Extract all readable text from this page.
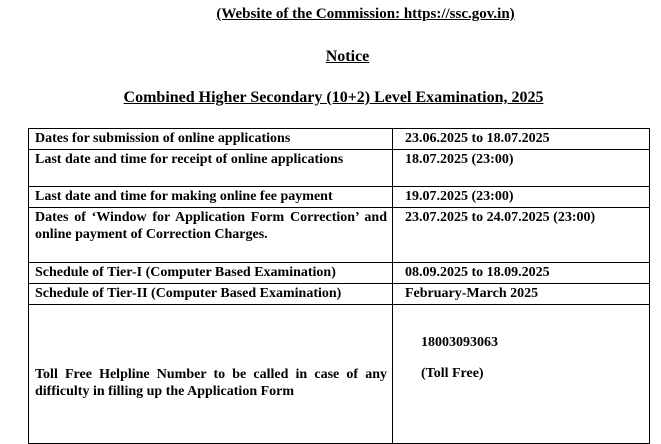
(Website of the Commission: https://ssc.gov.in)
Notice
Combined Higher Secondary (10+2) Level Examination, 2025
Dates for submission of online applications	23.06.2025 to 18.07.2025

Last date and time for receipt of online applications	18.07.2025 (23:00)

Last date and time for making online fee payment	19.07.2025 (23:00)

Dates of ‘Window for Application Form Correction’ and online payment of Correction Charges.	23.07.2025 to 24.07.2025 (23:00)

Schedule of Tier-I (Computer Based Examination)	08.09.2025 to 18.09.2025

Schedule of Tier-II (Computer Based Examination)	February-March 2025

Toll Free Helpline Number to be called in case of any difficulty in filling up the Application Form	18003093063
(Toll Free)
